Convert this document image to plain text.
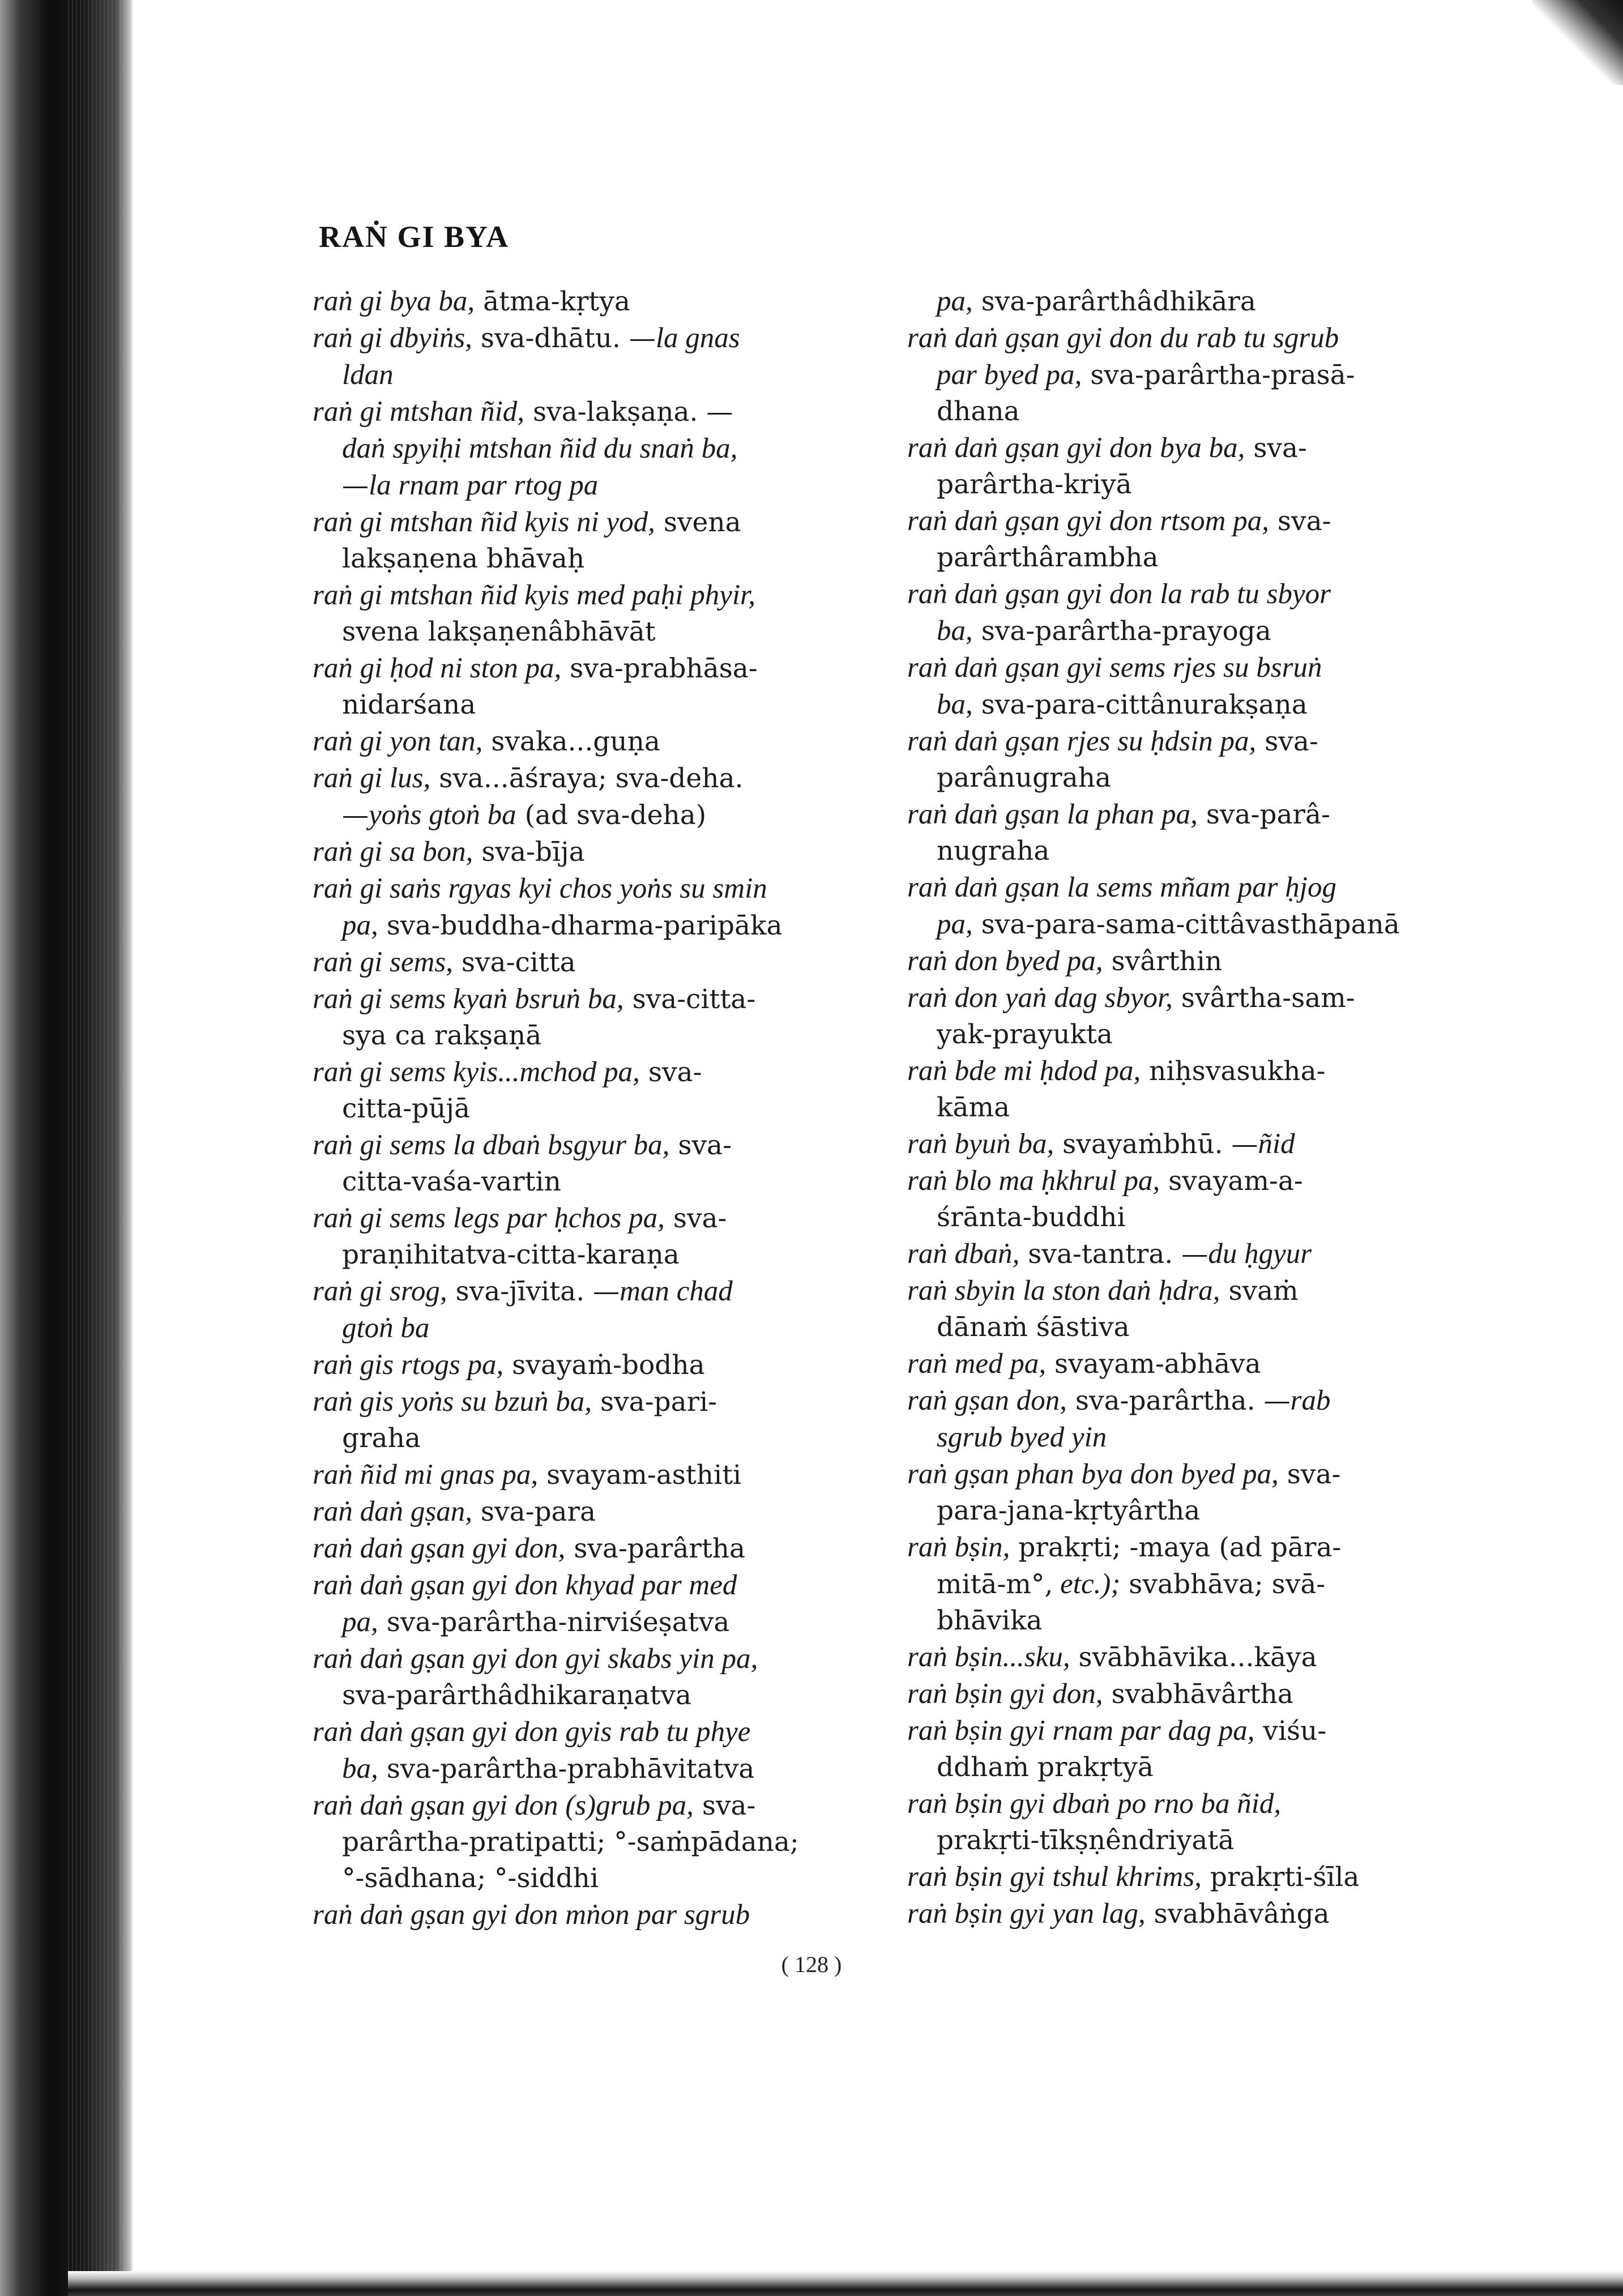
RAṄ GI BYA
raṅ gi bya ba, ātma-kṛtya
raṅ gi dbyiṅs, sva-dhātu. —la gnas
ldan
raṅ gi mtshan ñid, sva-lakṣaṇa. —
daṅ spyiḥi mtshan ñid du snaṅ ba,
—la rnam par rtog pa
raṅ gi mtshan ñid kyis ni yod, svena
lakṣaṇena bhāvaḥ
raṅ gi mtshan ñid kyis med paḥi phyir,
svena lakṣaṇenâbhāvāt
raṅ gi ḥod ni ston pa, sva-prabhāsa-
nidarśana
raṅ gi yon tan, svaka...guṇa
raṅ gi lus, sva...āśraya; sva-deha.
—yoṅs gtoṅ ba (ad sva-deha)
raṅ gi sa bon, sva-bīja
raṅ gi saṅs rgyas kyi chos yoṅs su smin
pa, sva-buddha-dharma-paripāka
raṅ gi sems, sva-citta
raṅ gi sems kyaṅ bsruṅ ba, sva-citta-
sya ca rakṣaṇā
raṅ gi sems kyis...mchod pa, sva-
citta-pūjā
raṅ gi sems la dbaṅ bsgyur ba, sva-
citta-vaśa-vartin
raṅ gi sems legs par ḥchos pa, sva-
praṇihitatva-citta-karaṇa
raṅ gi srog, sva-jīvita. —man chad
gtoṅ ba
raṅ gis rtogs pa, svayaṁ-bodha
raṅ gis yoṅs su bzuṅ ba, sva-pari-
graha
raṅ ñid mi gnas pa, svayam-asthiti
raṅ daṅ gṣan, sva-para
raṅ daṅ gṣan gyi don, sva-parârtha
raṅ daṅ gṣan gyi don khyad par med
pa, sva-parârtha-nirviśeṣatva
raṅ daṅ gṣan gyi don gyi skabs yin pa,
sva-parârthâdhikaraṇatva
raṅ daṅ gṣan gyi don gyis rab tu phye
ba, sva-parârtha-prabhāvitatva
raṅ daṅ gṣan gyi don (s)grub pa, sva-
parârtha-pratipatti; °-saṁpādana;
°-sādhana; °-siddhi
raṅ daṅ gṣan gyi don mṅon par sgrub
pa, sva-parârthâdhikāra
raṅ daṅ gṣan gyi don du rab tu sgrub
par byed pa, sva-parârtha-prasā-
dhana
raṅ daṅ gṣan gyi don bya ba, sva-
parârtha-kriyā
raṅ daṅ gṣan gyi don rtsom pa, sva-
parârthârambha
raṅ daṅ gṣan gyi don la rab tu sbyor
ba, sva-parârtha-prayoga
raṅ daṅ gṣan gyi sems rjes su bsruṅ
ba, sva-para-cittânurakṣaṇa
raṅ daṅ gṣan rjes su ḥdsin pa, sva-
parânugraha
raṅ daṅ gṣan la phan pa, sva-parâ-
nugraha
raṅ daṅ gṣan la sems mñam par ḥjog
pa, sva-para-sama-cittâvasthāpanā
raṅ don byed pa, svârthin
raṅ don yaṅ dag sbyor, svârtha-sam-
yak-prayukta
raṅ bde mi ḥdod pa, niḥsvasukha-
kāma
raṅ byuṅ ba, svayaṁbhū. —ñid
raṅ blo ma ḥkhrul pa, svayam-a-
śrānta-buddhi
raṅ dbaṅ, sva-tantra. —du ḥgyur
raṅ sbyin la ston daṅ ḥdra, svaṁ
dānaṁ śāstiva
raṅ med pa, svayam-abhāva
raṅ gṣan don, sva-parârtha. —rab
sgrub byed yin
raṅ gṣan phan bya don byed pa, sva-
para-jana-kṛtyârtha
raṅ bṣin, prakṛti; -maya (ad pāra-
mitā-m°, etc.); svabhāva; svā-
bhāvika
raṅ bṣin...sku, svābhāvika...kāya
raṅ bṣin gyi don, svabhāvârtha
raṅ bṣin gyi rnam par dag pa, viśu-
ddhaṁ prakṛtyā
raṅ bṣin gyi dbaṅ po rno ba ñid,
prakṛti-tīkṣṇêndriyatā
raṅ bṣin gyi tshul khrims, prakṛti-śīla
raṅ bṣin gyi yan lag, svabhāvâṅga
( 128 )
